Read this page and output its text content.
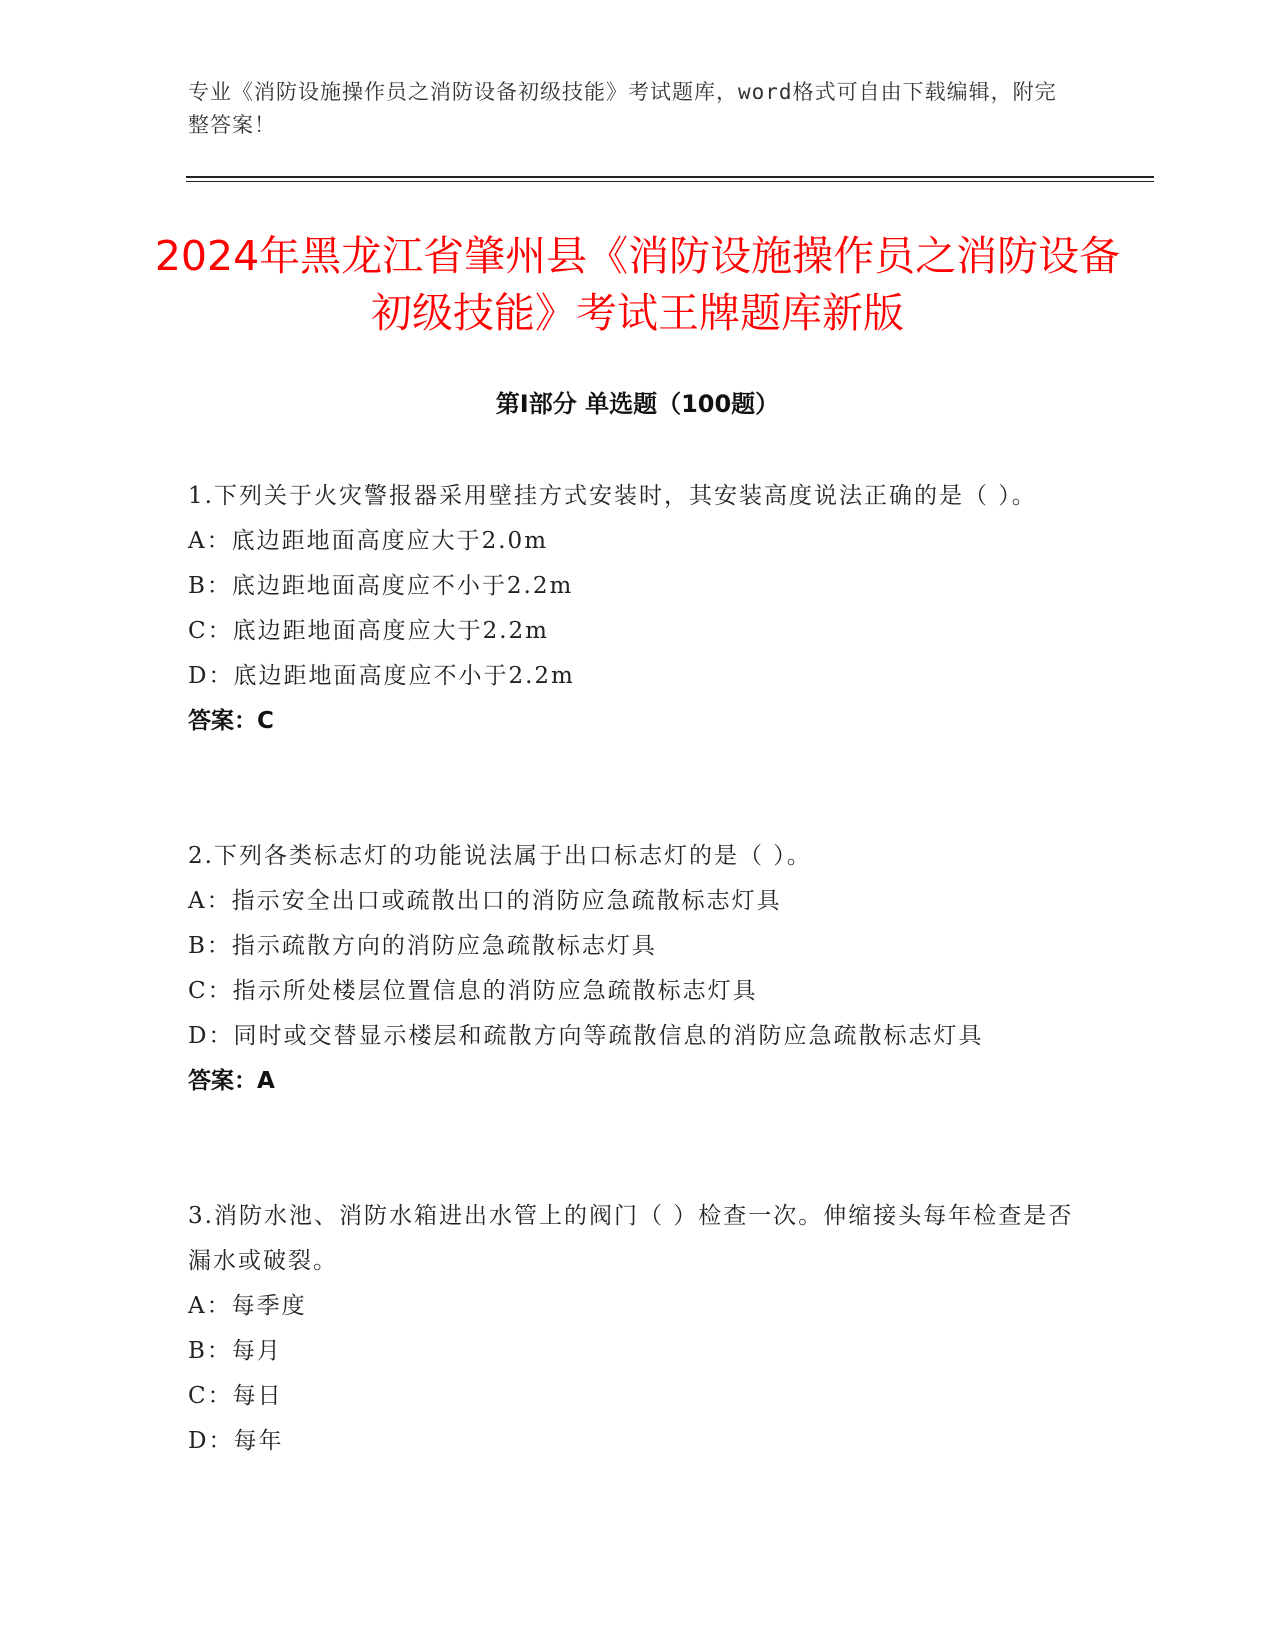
专业《消防设施操作员之消防设备初级技能》考试题库，word格式可自由下载编辑，附完整答案！
2024年黑龙江省肇州县《消防设施操作员之消防设备初级技能》考试王牌题库新版
第Ⅰ部分 单选题（100题）

1.下列关于火灾警报器采用壁挂方式安装时，其安装高度说法正确的是（ ）。

A：底边距地面高度应大于2.0m

B：底边距地面高度应不小于2.2m

C：底边距地面高度应大于2.2m

D：底边距地面高度应不小于2.2m

答案：C

2.下列各类标志灯的功能说法属于出口标志灯的是（ ）。

A：指示安全出口或疏散出口的消防应急疏散标志灯具

B：指示疏散方向的消防应急疏散标志灯具

C：指示所处楼层位置信息的消防应急疏散标志灯具

D：同时或交替显示楼层和疏散方向等疏散信息的消防应急疏散标志灯具

答案：A

3.消防水池、消防水箱进出水管上的阀门（ ）检查一次。伸缩接头每年检查是否漏水或破裂。

A：每季度

B：每月

C：每日

D：每年
